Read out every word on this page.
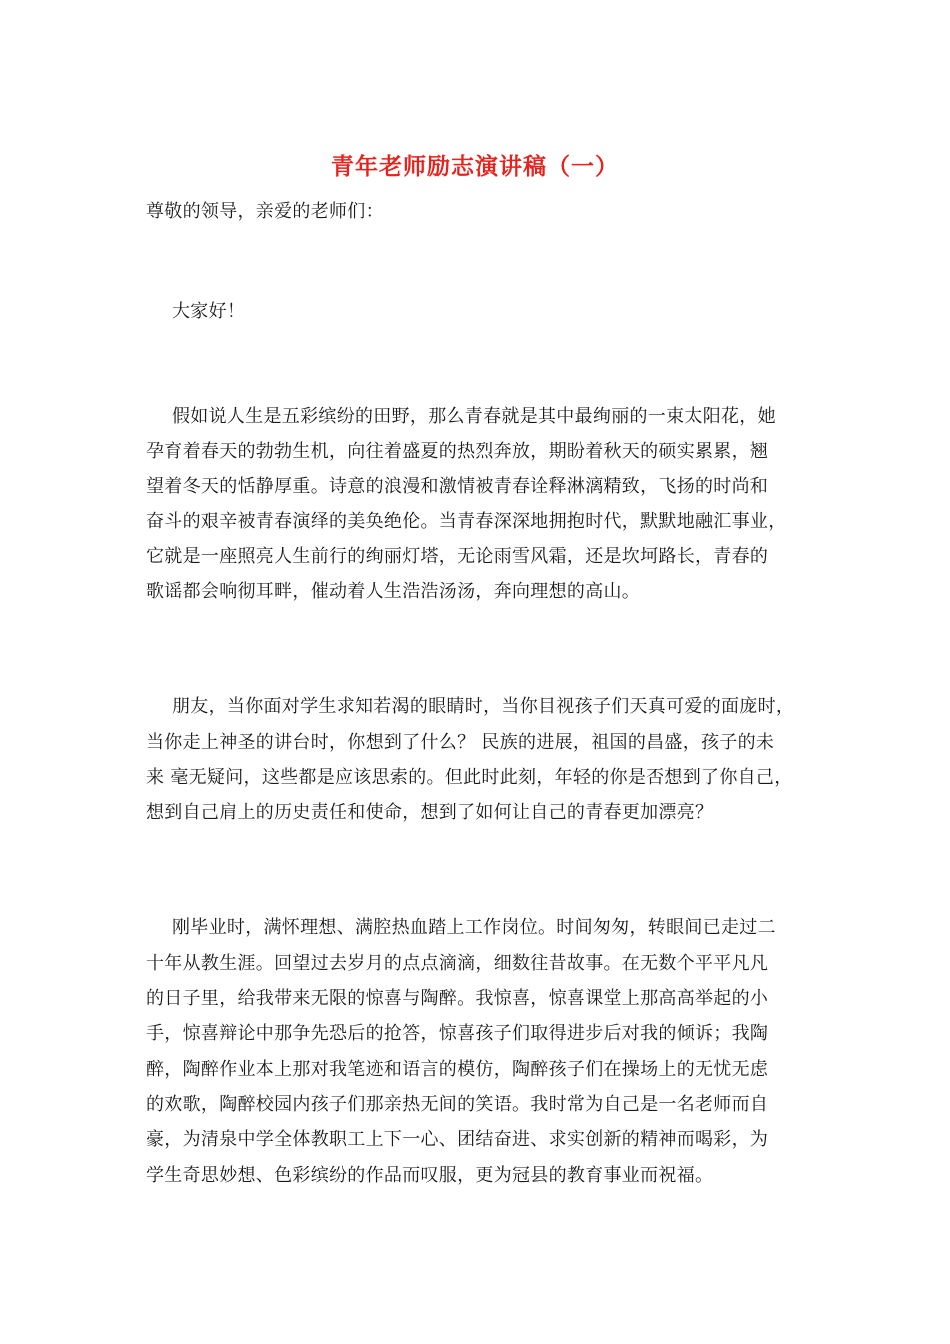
青年老师励志演讲稿（一）
尊敬的领导，亲爱的老师们：
大家好！
假如说人生是五彩缤纷的田野，那么青春就是其中最绚丽的一束太阳花，她
孕育着春天的勃勃生机，向往着盛夏的热烈奔放，期盼着秋天的硕实累累，翘
望着冬天的恬静厚重。诗意的浪漫和激情被青春诠释淋漓精致，飞扬的时尚和
奋斗的艰辛被青春演绎的美奂绝伦。当青春深深地拥抱时代，默默地融汇事业，
它就是一座照亮人生前行的绚丽灯塔，无论雨雪风霜，还是坎坷路长，青春的
歌谣都会响彻耳畔，催动着人生浩浩汤汤，奔向理想的高山。
朋友，当你面对学生求知若渴的眼睛时，当你目视孩子们天真可爱的面庞时，
当你走上神圣的讲台时，你想到了什么？ 民族的进展，祖国的昌盛，孩子的未
来 毫无疑问，这些都是应该思索的。但此时此刻，年轻的你是否想到了你自己，
想到自己肩上的历史责任和使命，想到了如何让自己的青春更加漂亮？
刚毕业时，满怀理想、满腔热血踏上工作岗位。时间匆匆，转眼间已走过二
十年从教生涯。回望过去岁月的点点滴滴，细数往昔故事。在无数个平平凡凡
的日子里，给我带来无限的惊喜与陶醉。我惊喜，惊喜课堂上那高高举起的小
手，惊喜辩论中那争先恐后的抢答，惊喜孩子们取得进步后对我的倾诉；我陶
醉，陶醉作业本上那对我笔迹和语言的模仿，陶醉孩子们在操场上的无忧无虑
的欢歌，陶醉校园内孩子们那亲热无间的笑语。我时常为自己是一名老师而自
豪，为清泉中学全体教职工上下一心、团结奋进、求实创新的精神而喝彩，为
学生奇思妙想、色彩缤纷的作品而叹服，更为冠县的教育事业而祝福。
